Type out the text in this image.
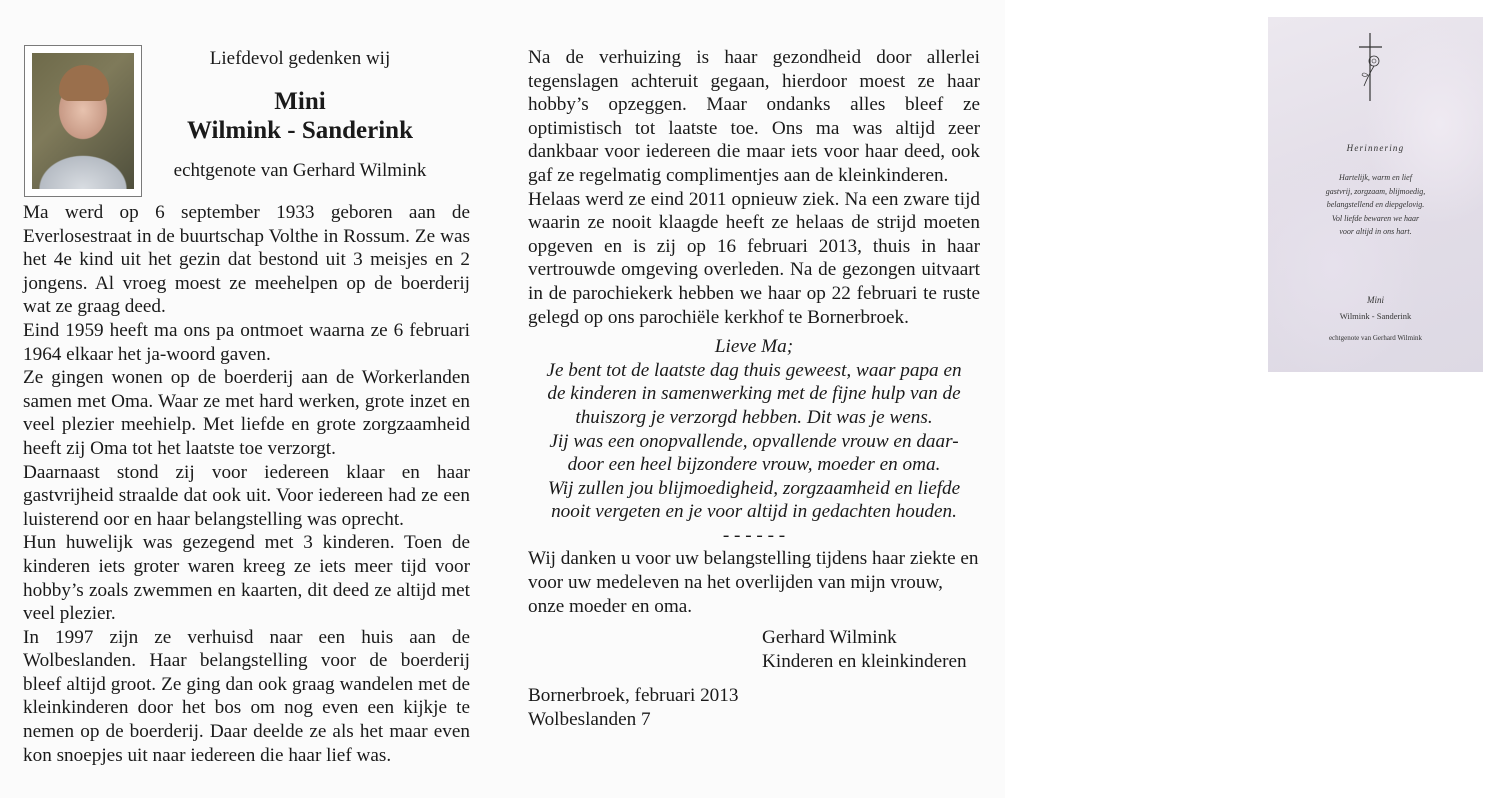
Liefdevol gedenken wij
Mini
Wilmink - Sanderink
echtgenote van Gerhard Wilmink

Ma werd op 6 september 1933 geboren aan de Everlosestraat in de buurtschap Volthe in Rossum. Ze was het 4e kind uit het gezin dat bestond uit 3 meisjes en 2 jongens. Al vroeg moest ze meehelpen op de boerderij wat ze graag deed.

Eind 1959 heeft ma ons pa ontmoet waarna ze 6 februari 1964 elkaar het ja-woord gaven.

Ze gingen wonen op de boerderij aan de Workerlanden samen met Oma. Waar ze met hard werken, grote inzet en veel plezier meehielp. Met liefde en grote zorgzaamheid heeft zij Oma tot het laatste toe verzorgt.

Daarnaast stond zij voor iedereen klaar en haar gastvrijheid straalde dat ook uit. Voor iedereen had ze een luisterend oor en haar belangstelling was oprecht.

Hun huwelijk was gezegend met 3 kinderen. Toen de kinderen iets groter waren kreeg ze iets meer tijd voor hobby’s zoals zwemmen en kaarten, dit deed ze altijd met veel plezier.

In 1997 zijn ze verhuisd naar een huis aan de Wolbeslanden. Haar belangstelling voor de boerderij bleef altijd groot. Ze ging dan ook graag wandelen met de kleinkinderen door het bos om nog even een kijkje te nemen op de boerderij. Daar deelde ze als het maar even kon snoepjes uit naar iedereen die haar lief was.

Na de verhuizing is haar gezondheid door allerlei tegenslagen achteruit gegaan, hierdoor moest ze haar hobby’s opzeggen. Maar ondanks alles bleef ze optimistisch tot laatste toe. Ons ma was altijd zeer dankbaar voor iedereen die maar iets voor haar deed, ook gaf ze regelmatig complimentjes aan de kleinkinderen.

Helaas werd ze eind 2011 opnieuw ziek. Na een zware tijd waarin ze nooit klaagde heeft ze helaas de strijd moeten opgeven en is zij op 16 februari 2013, thuis in haar vertrouwde omgeving overleden. Na de gezongen uitvaart in de parochiekerk hebben we haar op 22 februari te ruste gelegd op ons parochiële kerkhof te Bornerbroek.

Lieve Ma;

Je bent tot de laatste dag thuis geweest, waar papa en

de kinderen in samenwerking met de fijne hulp van de

thuiszorg je verzorgd hebben. Dit was je wens.

Jij was een onopvallende, opvallende vrouw en daar-

door een heel bijzondere vrouw, moeder en oma.

Wij zullen jou blijmoedigheid, zorgzaamheid en liefde

nooit vergeten en je voor altijd in gedachten houden.

- - - - - -

Wij danken u voor uw belangstelling tijdens haar ziekte en voor uw medeleven na het overlijden van mijn vrouw, onze moeder en oma.

Gerhard Wilmink

Kinderen en kleinkinderen

Bornerbroek, februari 2013

Wolbeslanden 7

Herinnering
Hartelijk, warm en lief
gastvrij, zorgzaam, blijmoedig,
belangstellend en diepgelovig.
Vol liefde bewaren we haar
voor altijd in ons hart.
Mini
Wilmink - Sanderink
echtgenote van Gerhard Wilmink
